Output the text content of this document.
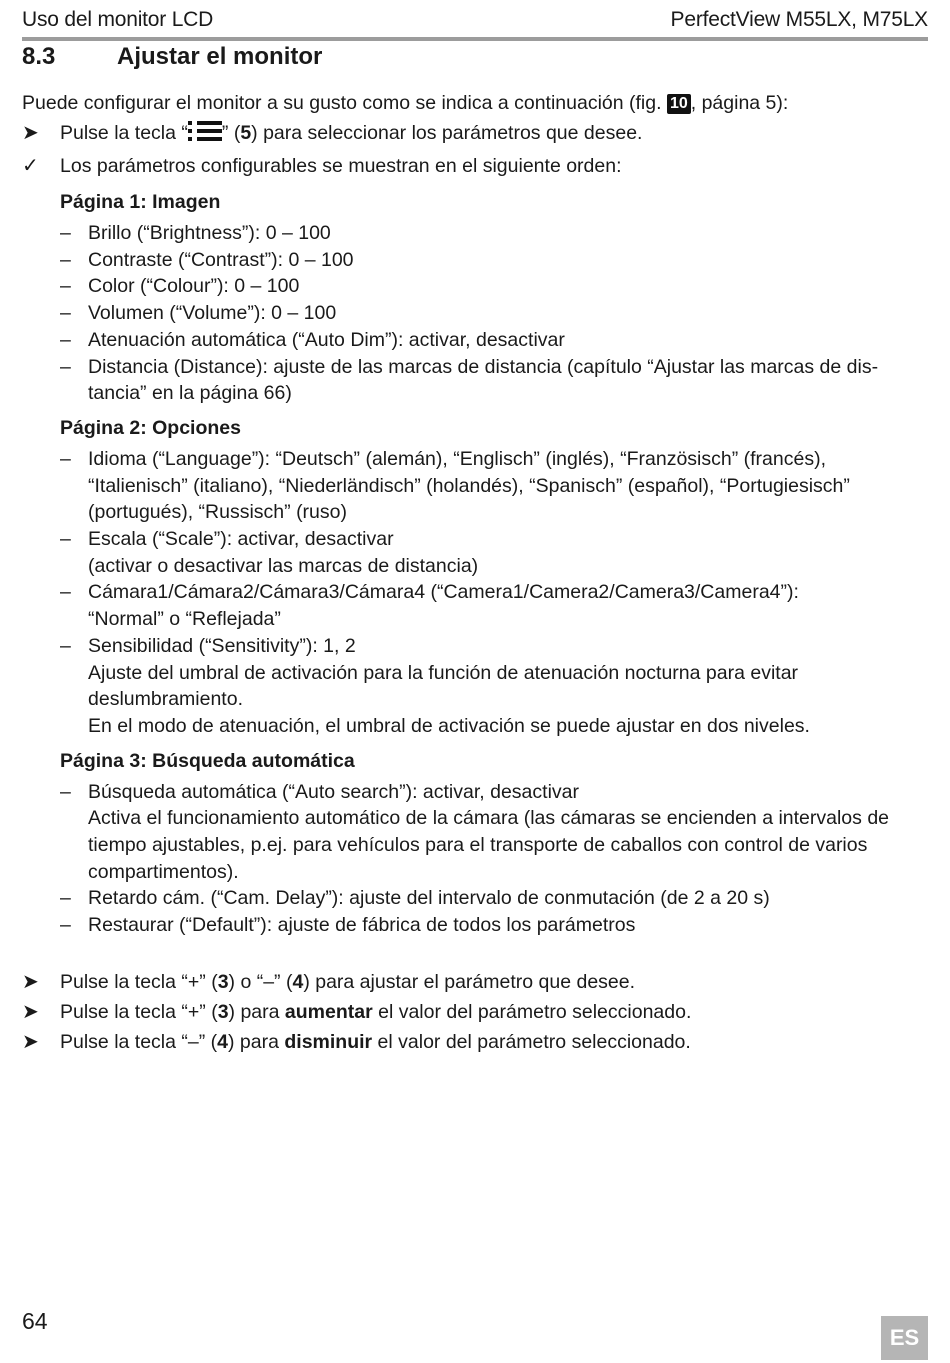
Uso del monitor LCD	PerfectView M55LX, M75LX
8.3	Ajustar el monitor
Puede configurar el monitor a su gusto como se indica a continuación (fig. 10 , página 5):
➤	Pulse la tecla “ ” (5) para seleccionar los parámetros que desee.
✓	Los parámetros configurables se muestran en el siguiente orden:
Página 1: Imagen
– Brillo (“Brightness”): 0 – 100
– Contraste (“Contrast”): 0 – 100
– Color (“Colour”): 0 – 100
– Volumen (“Volume”): 0 – 100
– Atenuación automática (“Auto Dim”): activar, desactivar
– Distancia (Distance): ajuste de las marcas de distancia (capítulo “Ajustar las marcas de dis-
tancia” en la página 66)
Página 2: Opciones
– Idioma (“Language”): “Deutsch” (alemán), “Englisch” (inglés), “Französisch” (francés),
“Italienisch” (italiano), “Niederländisch” (holandés), “Spanisch” (español), “Portugiesisch”
(portugués), “Russisch” (ruso)
– Escala (“Scale”): activar, desactivar
(activar o desactivar las marcas de distancia)
– Cámara1/Cámara2/Cámara3/Cámara4 (“Camera1/Camera2/Camera3/Camera4”):
“Normal” o “Reflejada”
– Sensibilidad (“Sensitivity”): 1, 2
Ajuste del umbral de activación para la función de atenuación nocturna para evitar
deslumbramiento.
En el modo de atenuación, el umbral de activación se puede ajustar en dos niveles.
Página 3: Búsqueda automática
– Búsqueda automática (“Auto search”): activar, desactivar
Activa el funcionamiento automático de la cámara (las cámaras se encienden a intervalos de
tiempo ajustables, p.ej. para vehículos para el transporte de caballos con control de varios
compartimentos).
– Retardo cám. (“Cam. Delay”): ajuste del intervalo de conmutación (de 2 a 20 s)
– Restaurar (“Default”): ajuste de fábrica de todos los parámetros
➤	Pulse la tecla “+” (3) o “–” (4) para ajustar el parámetro que desee.
➤	Pulse la tecla “+” (3) para aumentar el valor del parámetro seleccionado.
➤	Pulse la tecla “–” (4) para disminuir el valor del parámetro seleccionado.
64
ES
